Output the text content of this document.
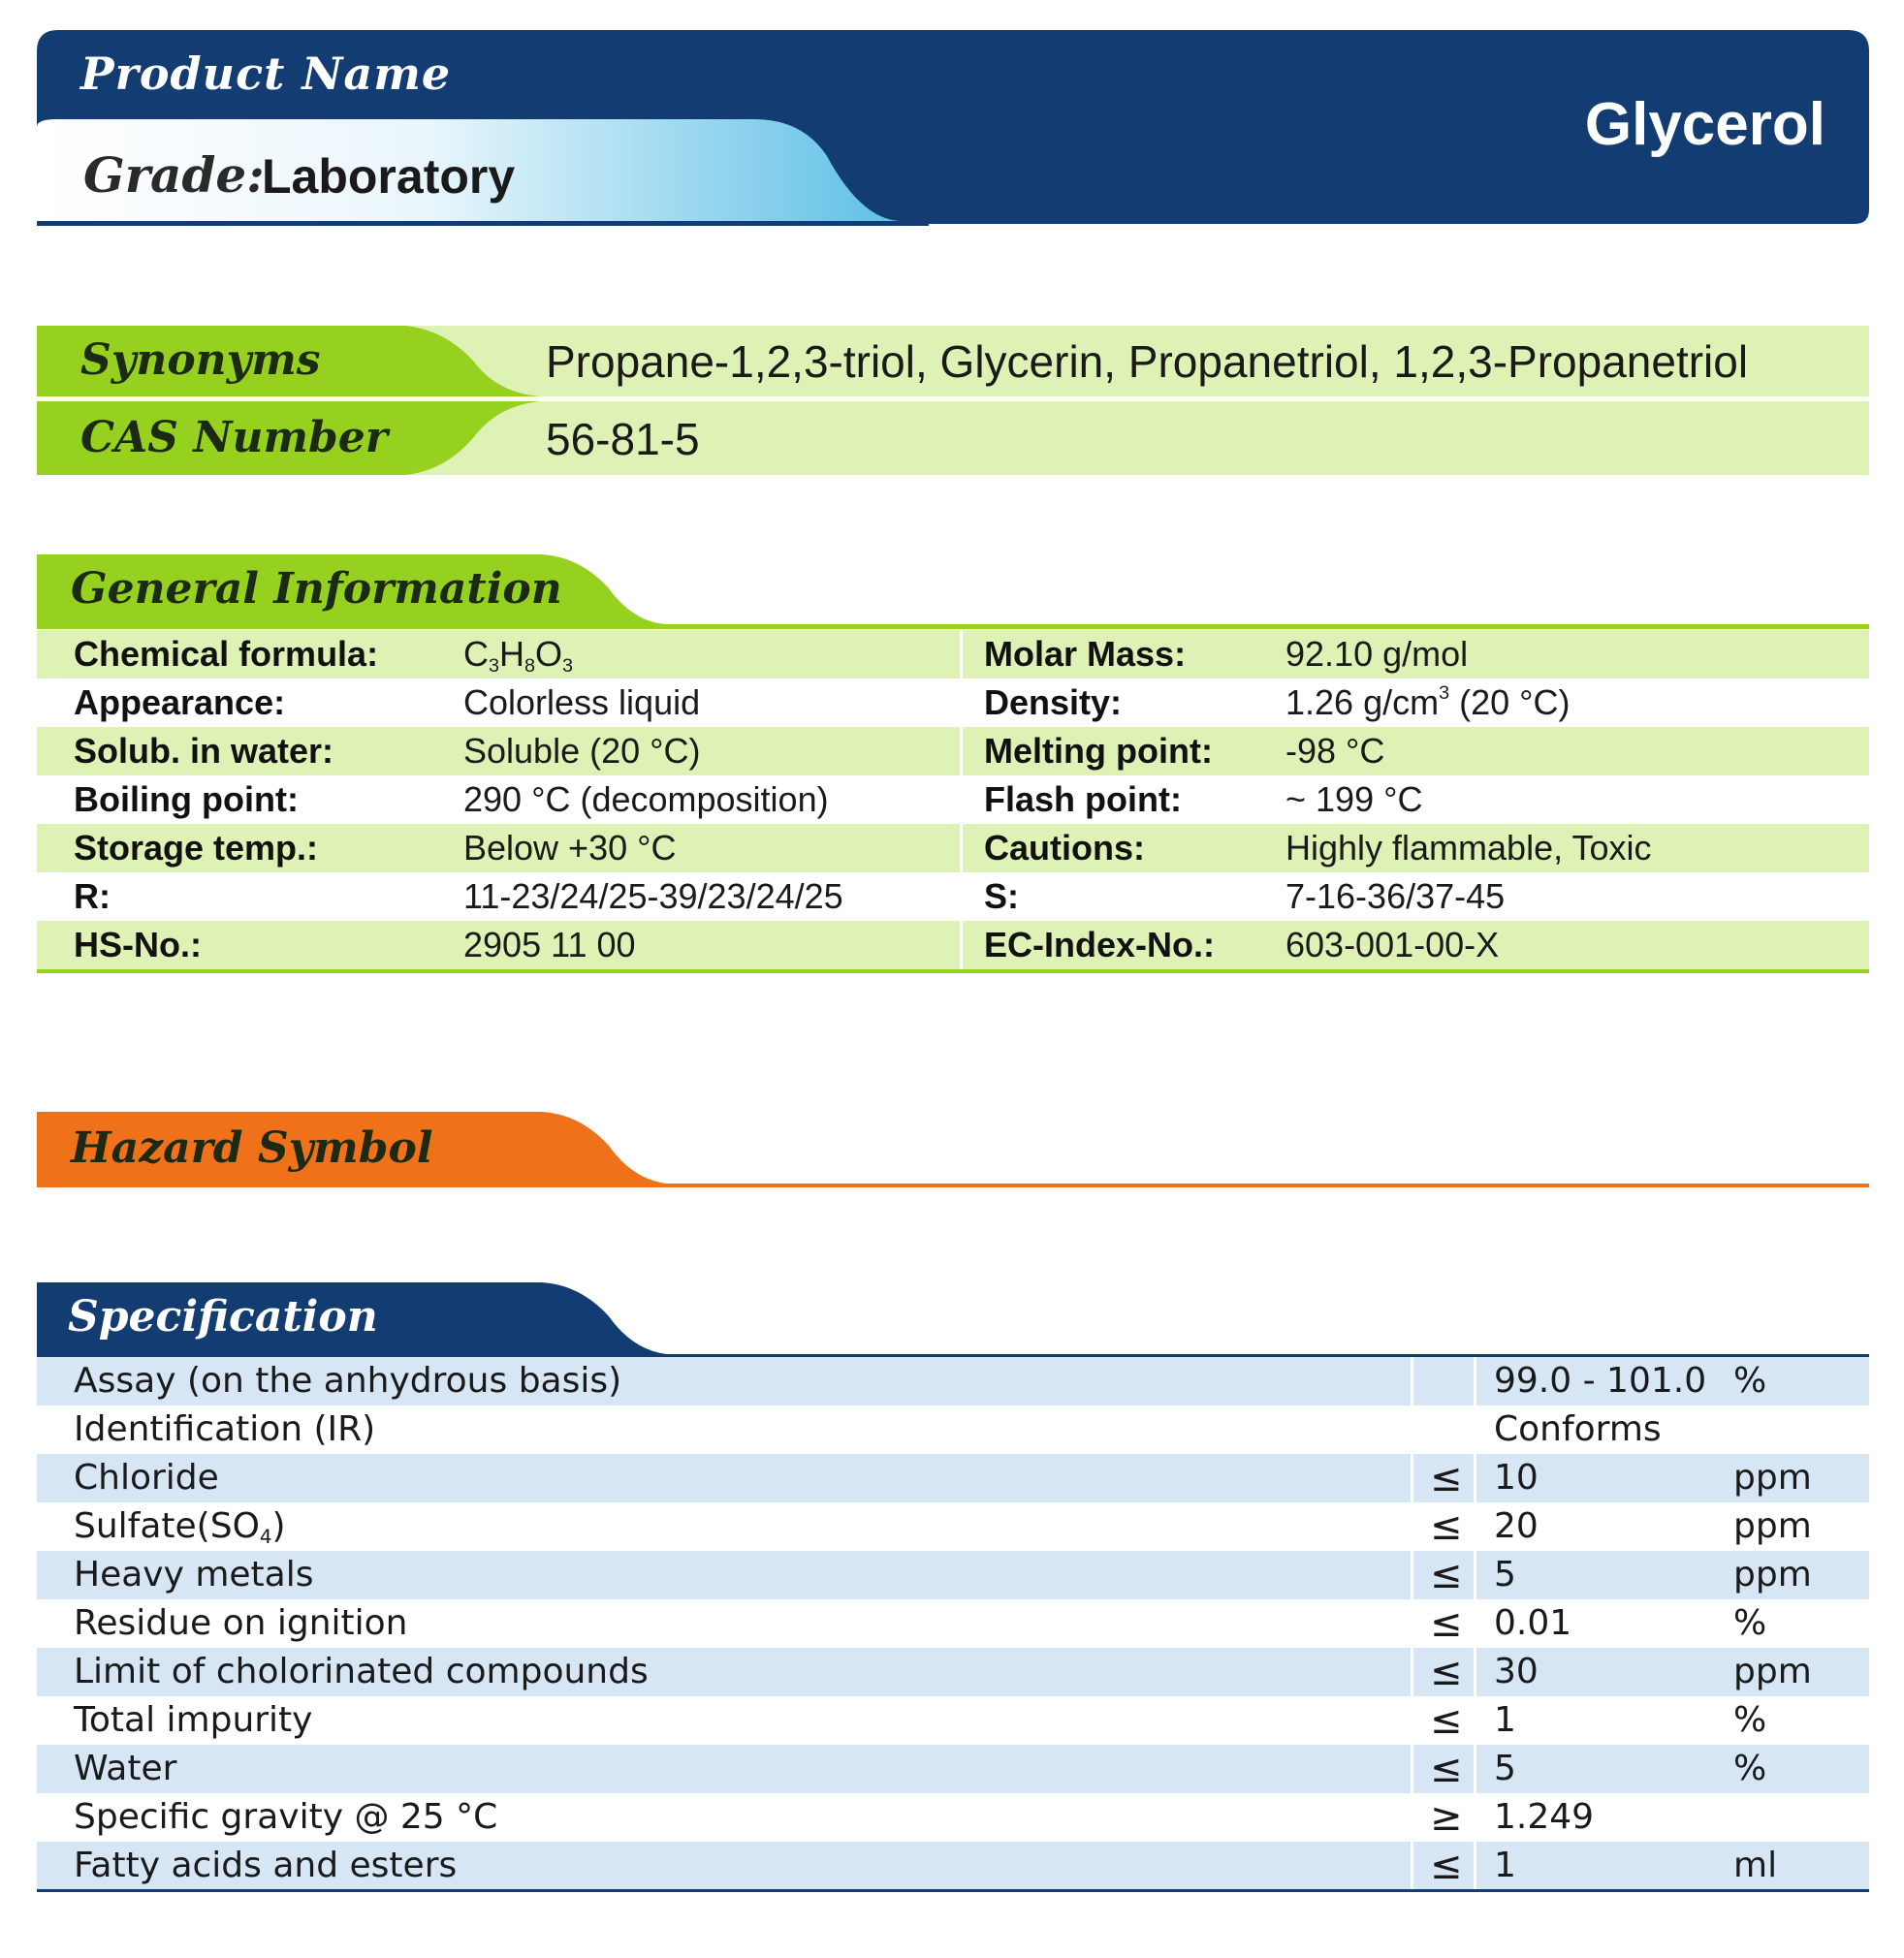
Product Name
Grade:
Laboratory
Glycerol
Synonyms	Propane-1,2,3-triol, Glycerin, Propanetriol, 1,2,3-Propanetriol
CAS Number	56-81-5
General Information
Chemical formula: $C_3H_8O_3$	Molar Mass:	92.10 g/mol
Appearance:	Colorless liquid	Density:	1.26 $g/cm^3$ (20 °C)
Solub. in water:	Soluble (20 °C)	Melting point: -98 °C
Boiling point:	290 °C (decomposition)	Flash point:	~ 199 °C
Storage temp.:	Below +30 °C	Cautions:	Highly flammable, Toxic
R:	11-23/24/25-39/23/24/25	S:	7-16-36/37-45
HS-No.:	2905 11 00	EC-Index-No.: 603-001-00-X
Hazard Symbol
Specification
Assay (on the anhydrous basis)	99.0 - 101.0 %
Identification (IR)	Conforms
Chloride	≤ 10	ppm
$Sulfate(SO_4)$	≤ 20	ppm
Heavy metals	≤ 5	ppm
Residue on ignition	≤ 0.01	%
Limit of cholorinated compounds	≤ 30	ppm
Total impurity	≤ 1	%
Water	≤ 5	%
Specific gravity @ 25 °C	≥ 1.249
Fatty acids and esters	≤ 1	ml
